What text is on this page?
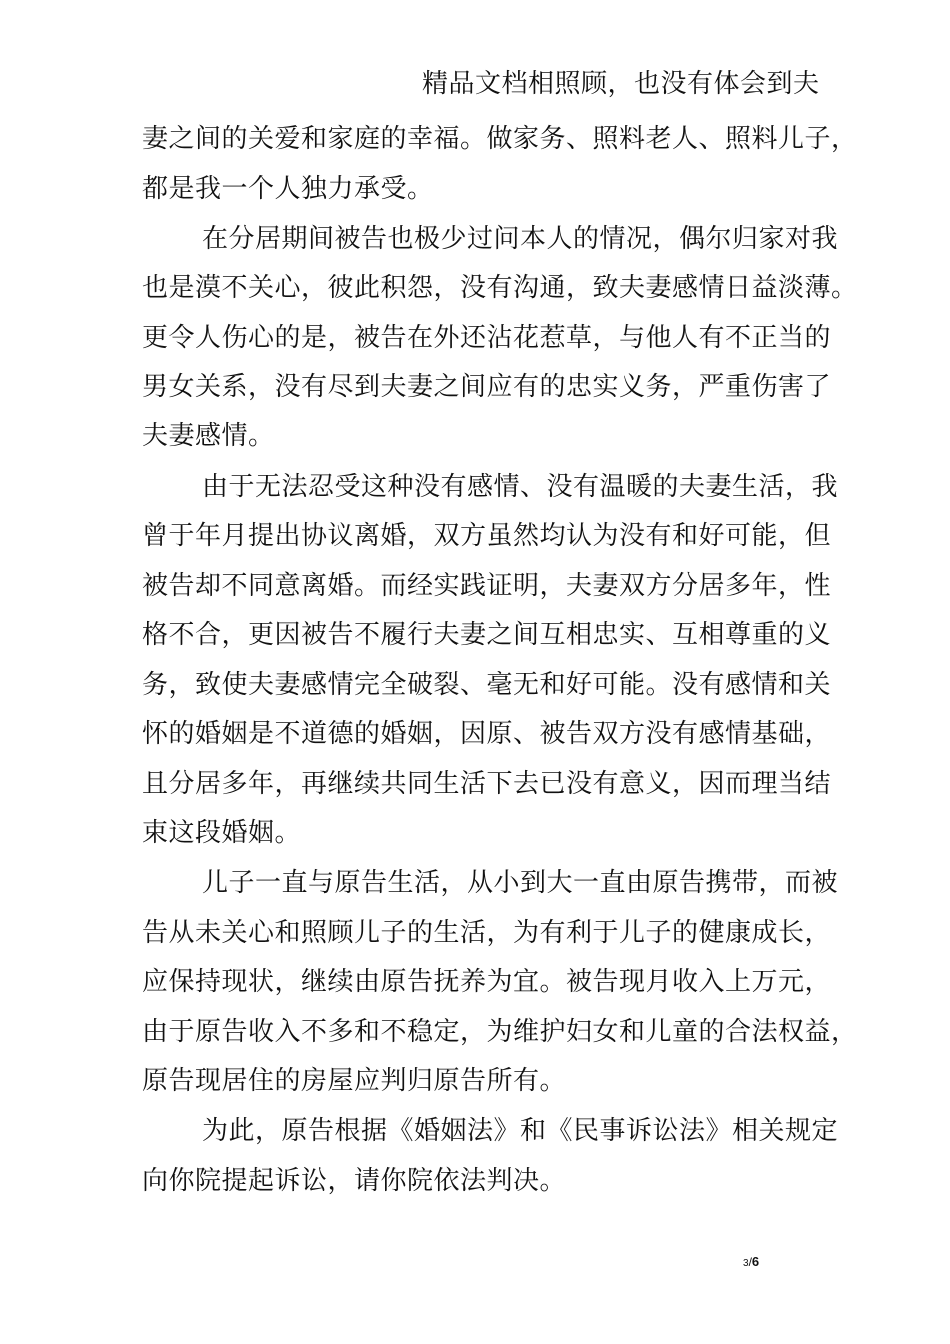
精品文档相照顾，也没有体会到夫
妻之间的关爱和家庭的幸福。做家务、照料老人、照料儿子，
都是我一个人独力承受。
在分居期间被告也极少过问本人的情况，偶尔归家对我
也是漠不关心，彼此积怨，没有沟通，致夫妻感情日益淡薄。
更令人伤心的是，被告在外还沾花惹草，与他人有不正当的
男女关系，没有尽到夫妻之间应有的忠实义务，严重伤害了
夫妻感情。
由于无法忍受这种没有感情、没有温暖的夫妻生活，我
曾于年月提出协议离婚，双方虽然均认为没有和好可能，但
被告却不同意离婚。而经实践证明，夫妻双方分居多年，性
格不合，更因被告不履行夫妻之间互相忠实、互相尊重的义
务，致使夫妻感情完全破裂、毫无和好可能。没有感情和关
怀的婚姻是不道德的婚姻，因原、被告双方没有感情基础，
且分居多年，再继续共同生活下去已没有意义，因而理当结
束这段婚姻。
儿子一直与原告生活，从小到大一直由原告携带，而被
告从未关心和照顾儿子的生活，为有利于儿子的健康成长，
应保持现状，继续由原告抚养为宜。被告现月收入上万元，
由于原告收入不多和不稳定，为维护妇女和儿童的合法权益，
原告现居住的房屋应判归原告所有。
为此，原告根据《婚姻法》和《民事诉讼法》相关规定
向你院提起诉讼，请你院依法判决。
3/6
